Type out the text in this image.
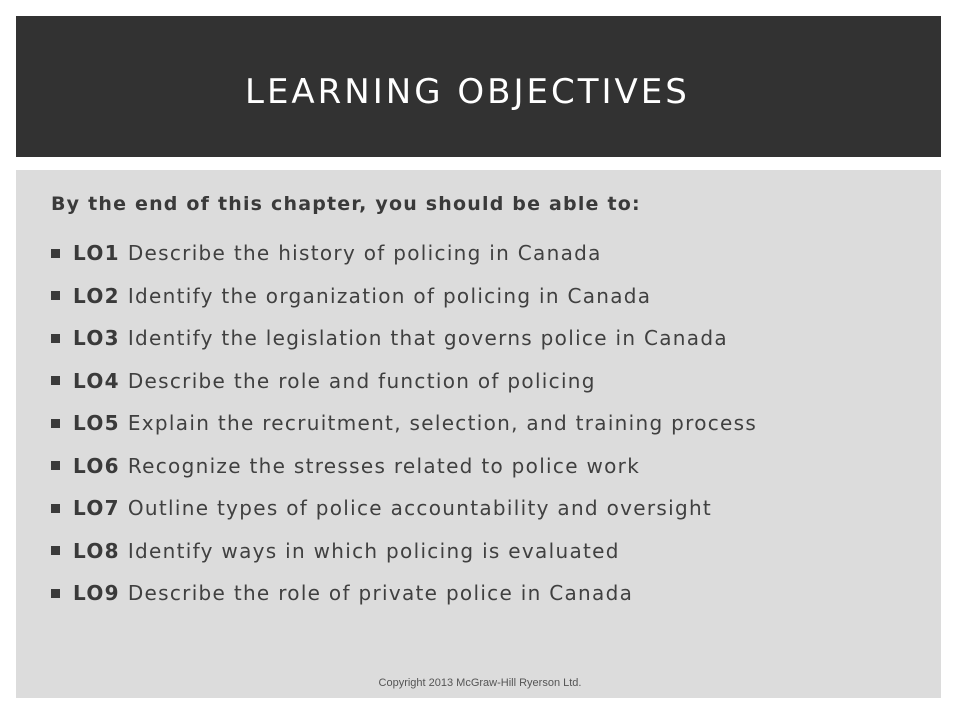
LEARNING OBJECTIVES

By the end of this chapter, you should be able to:

LO1 Describe the history of policing in Canada
LO2 Identify the organization of policing in Canada
LO3 Identify the legislation that governs police in Canada
LO4 Describe the role and function of policing
LO5 Explain the recruitment, selection, and training process
LO6 Recognize the stresses related to police work
LO7 Outline types of police accountability and oversight
LO8 Identify ways in which policing is evaluated
LO9 Describe the role of private police in Canada

Copyright 2013 McGraw-Hill Ryerson Ltd.
